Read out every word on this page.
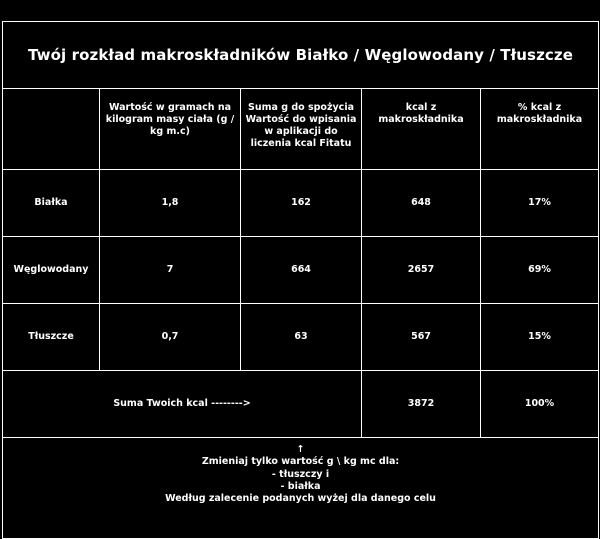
Twój rozkład makroskładników Białko / Węglowodany / Tłuszcze				
	Wartość w gramach na kilogram masy ciała (g / kg m.c)	Suma g do spożycia Wartość do wpisania w aplikacji do liczenia kcal Fitatu	kcal z makroskładnika	% kcal z makroskładnika
Białka	1,8	162	648	17%
Węglowodany	7	664	2657	69%
Tłuszcze	0,7	63	567	15%
Suma Twoich kcal -------->			3872	100%

↑
Zmieniaj tylko wartość g \ kg mc dla:
- tłuszczy i
- białka
Według zalecenie podanych wyżej dla danego celu				
